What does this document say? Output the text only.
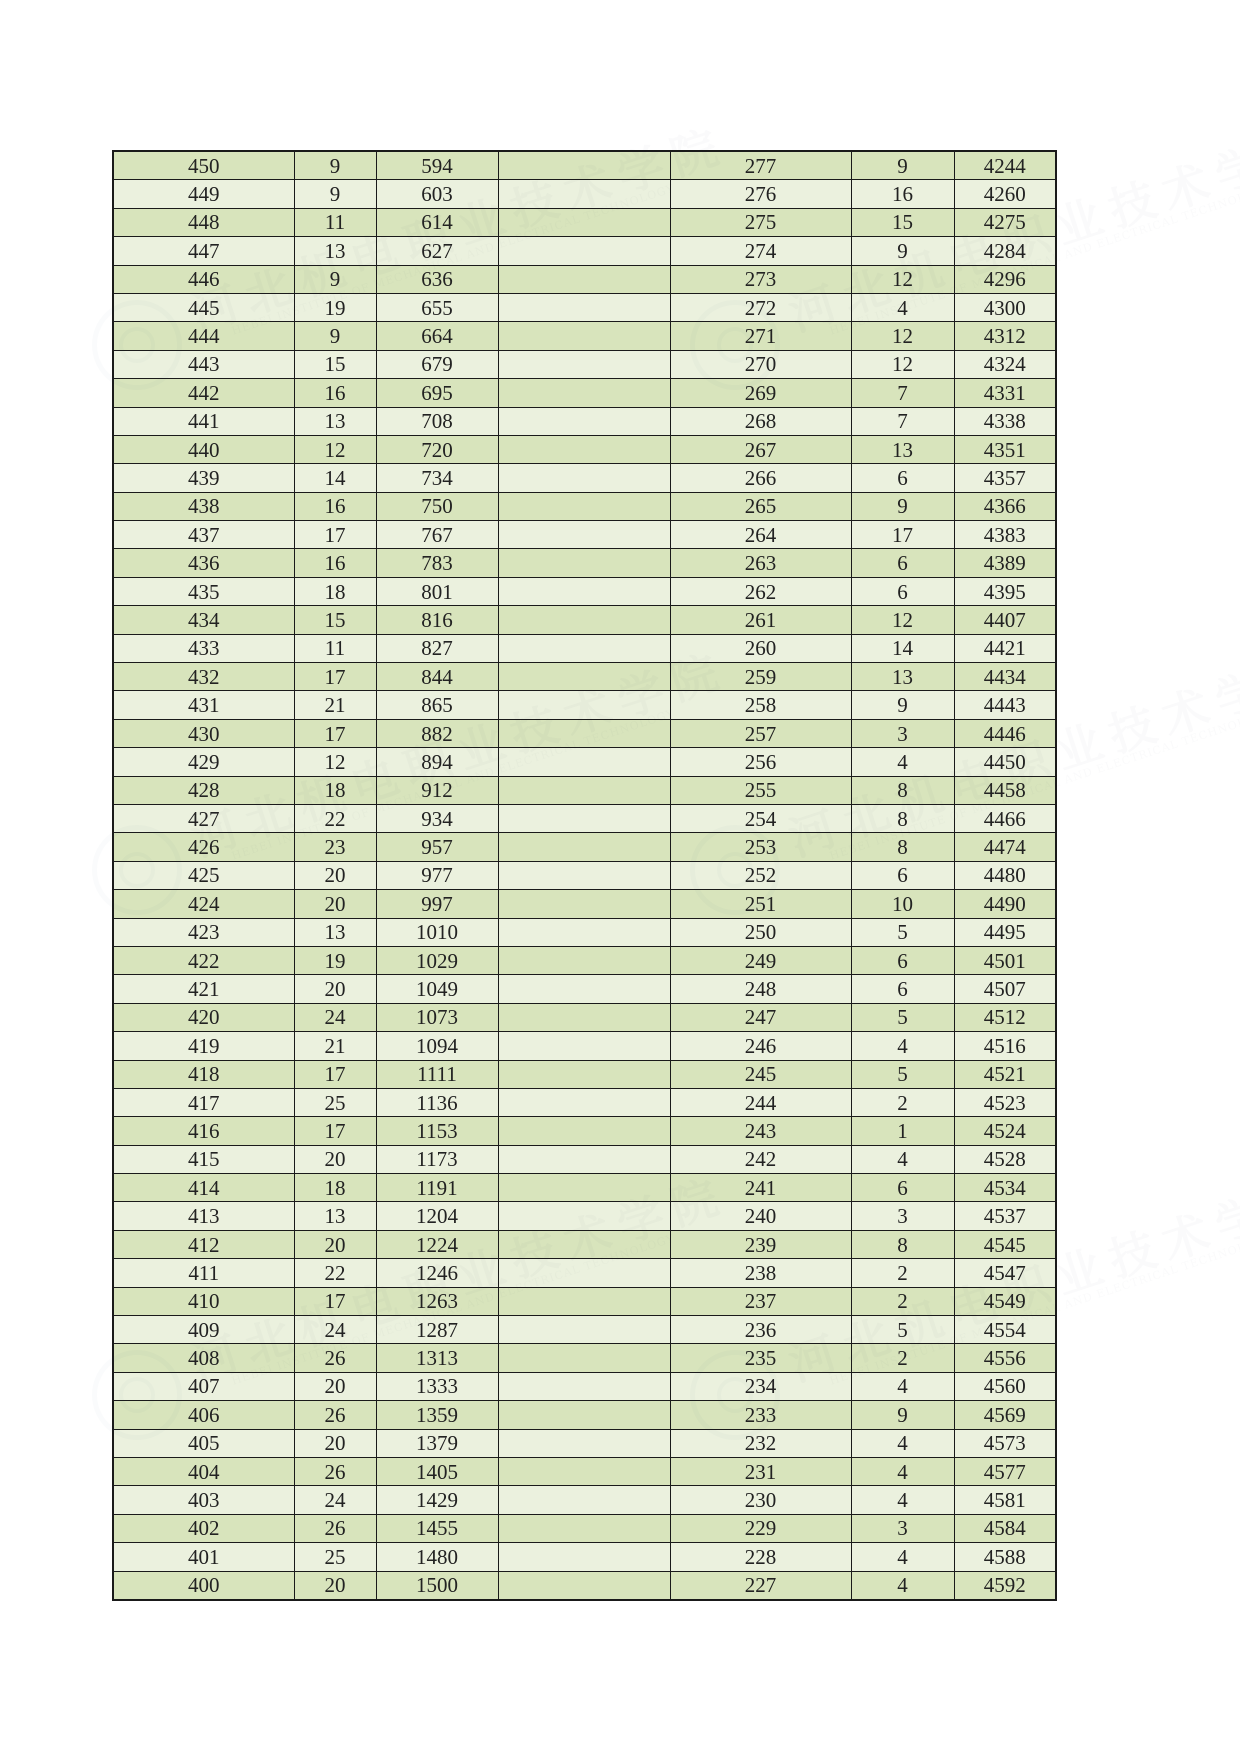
450	9	594		277	9	4244
449	9	603		276	16	4260
448	11	614		275	15	4275
447	13	627		274	9	4284
446	9	636		273	12	4296
445	19	655		272	4	4300
444	9	664		271	12	4312
443	15	679		270	12	4324
442	16	695		269	7	4331
441	13	708		268	7	4338
440	12	720		267	13	4351
439	14	734		266	6	4357
438	16	750		265	9	4366
437	17	767		264	17	4383
436	16	783		263	6	4389
435	18	801		262	6	4395
434	15	816		261	12	4407
433	11	827		260	14	4421
432	17	844		259	13	4434
431	21	865		258	9	4443
430	17	882		257	3	4446
429	12	894		256	4	4450
428	18	912		255	8	4458
427	22	934		254	8	4466
426	23	957		253	8	4474
425	20	977		252	6	4480
424	20	997		251	10	4490
423	13	1010		250	5	4495
422	19	1029		249	6	4501
421	20	1049		248	6	4507
420	24	1073		247	5	4512
419	21	1094		246	4	4516
418	17	1111		245	5	4521
417	25	1136		244	2	4523
416	17	1153		243	1	4524
415	20	1173		242	4	4528
414	18	1191		241	6	4534
413	13	1204		240	3	4537
412	20	1224		239	8	4545
411	22	1246		238	2	4547
410	17	1263		237	2	4549
409	24	1287		236	5	4554
408	26	1313		235	2	4556
407	20	1333		234	4	4560
406	26	1359		233	9	4569
405	20	1379		232	4	4573
404	26	1405		231	4	4577
403	24	1429		230	4	4581
402	26	1455		229	3	4584
401	25	1480		228	4	4588
400	20	1500		227	4	4592
